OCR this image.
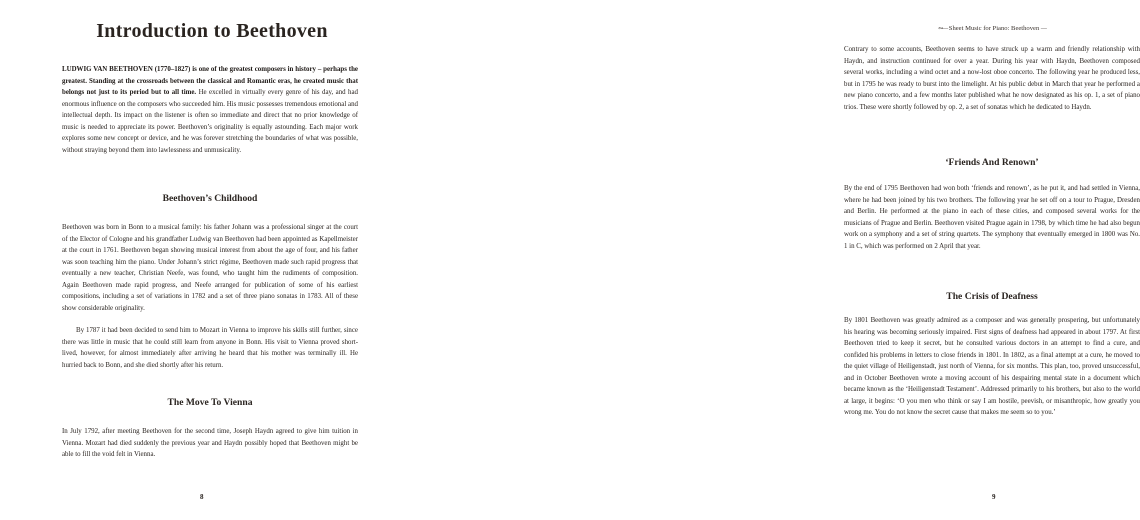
Introduction to Beethoven

LUDWIG VAN BEETHOVEN (1770–1827) is one of the greatest composers in history – perhaps the greatest. Standing at the crossroads between the classical and Romantic eras, he created music that belongs not just to its period but to all time. He excelled in virtually every genre of his day, and had enormous influence on the composers who succeeded him. His music possesses tremendous emotional and intellectual depth. Its impact on the listener is often so immediate and direct that no prior knowledge of music is needed to appreciate its power. Beethoven’s originality is equally astounding. Each major work explores some new concept or device, and he was forever stretching the boundaries of what was possible, without straying beyond them into lawlessness and unmusicality.

Beethoven’s Childhood

Beethoven was born in Bonn to a musical family: his father Johann was a professional singer at the court of the Elector of Cologne and his grandfather Ludwig van Beethoven had been appointed as Kapellmeister at the court in 1761. Beethoven began showing musical interest from about the age of four, and his father was soon teaching him the piano. Under Johann’s strict régime, Beethoven made such rapid progress that eventually a new teacher, Christian Neefe, was found, who taught him the rudiments of composition. Again Beethoven made rapid progress, and Neefe arranged for publication of some of his earliest compositions, including a set of variations in 1782 and a set of three piano sonatas in 1783. All of these show considerable originality.

By 1787 it had been decided to send him to Mozart in Vienna to improve his skills still further, since there was little in music that he could still learn from anyone in Bonn. His visit to Vienna proved short-lived, however, for almost immediately after arriving he heard that his mother was terminally ill. He hurried back to Bonn, and she died shortly after his return.

The Move To Vienna

In July 1792, after meeting Beethoven for the second time, Joseph Haydn agreed to give him tuition in Vienna. Mozart had died suddenly the previous year and Haydn possibly hoped that Beethoven might be able to fill the void felt in Vienna.

8
∾— Sheet Music for Piano: Beethoven —

Contrary to some accounts, Beethoven seems to have struck up a warm and friendly relationship with Haydn, and instruction continued for over a year. During his year with Haydn, Beethoven composed several works, including a wind octet and a now-lost oboe concerto. The following year he produced less, but in 1795 he was ready to burst into the limelight. At his public debut in March that year he performed a new piano concerto, and a few months later published what he now designated as his op. 1, a set of piano trios. These were shortly followed by op. 2, a set of sonatas which he dedicated to Haydn.

‘Friends And Renown’

By the end of 1795 Beethoven had won both ‘friends and renown’, as he put it, and had settled in Vienna, where he had been joined by his two brothers. The following year he set off on a tour to Prague, Dresden and Berlin. He performed at the piano in each of these cities, and composed several works for the musicians of Prague and Berlin. Beethoven visited Prague again in 1798, by which time he had also begun work on a symphony and a set of string quartets. The symphony that eventually emerged in 1800 was No. 1 in C, which was performed on 2 April that year.

The Crisis of Deafness

By 1801 Beethoven was greatly admired as a composer and was generally prospering, but unfortunately his hearing was becoming seriously impaired. First signs of deafness had appeared in about 1797. At first Beethoven tried to keep it secret, but he consulted various doctors in an attempt to find a cure, and confided his problems in letters to close friends in 1801. In 1802, as a final attempt at a cure, he moved to the quiet village of Heiligenstadt, just north of Vienna, for six months. This plan, too, proved unsuccessful, and in October Beethoven wrote a moving account of his despairing mental state in a document which became known as the ‘Heiligenstadt Testament’. Addressed primarily to his brothers, but also to the world at large, it begins: ‘O you men who think or say I am hostile, peevish, or misanthropic, how greatly you wrong me. You do not know the secret cause that makes me seem so to you.’

9
